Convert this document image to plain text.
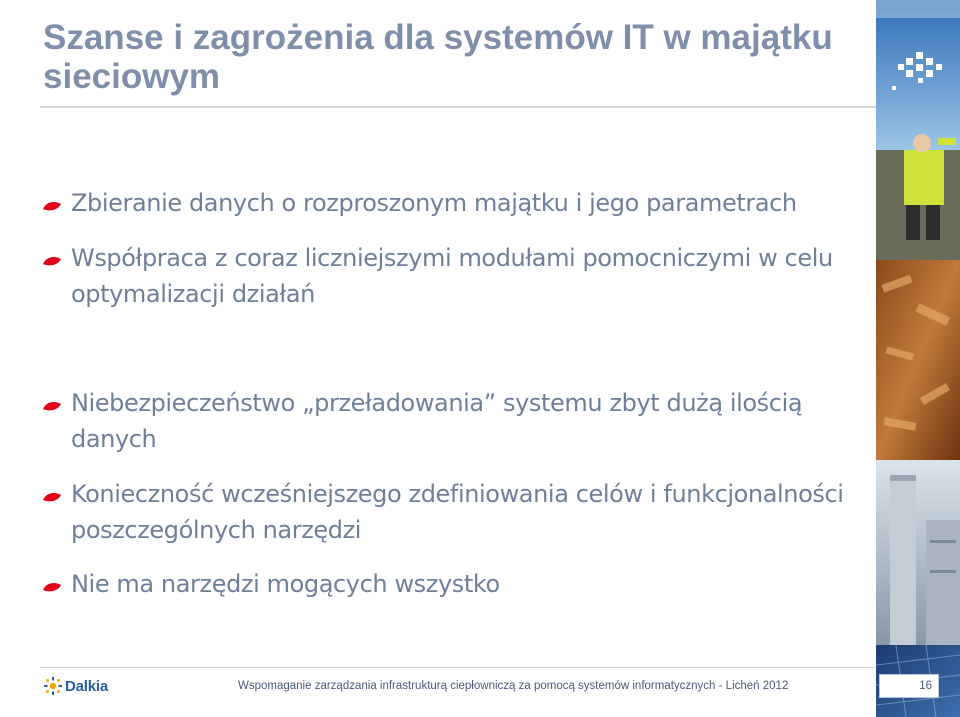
Szanse i zagrożenia dla systemów IT w majątku sieciowym
Zbieranie danych o rozproszonym majątku i jego parametrach
Współpraca z coraz liczniejszymi modułami pomocniczymi w celu optymalizacji działań
Niebezpieczeństwo „przeładowania” systemu zbyt dużą ilością danych
Konieczność wcześniejszego zdefiniowania celów i funkcjonalności poszczególnych narzędzi
Nie ma narzędzi mogących wszystko
Dalkia	Wspomaganie zarządzania infrastrukturą ciepłowniczą za pomocą systemów informatycznych - Licheń 2012	16
